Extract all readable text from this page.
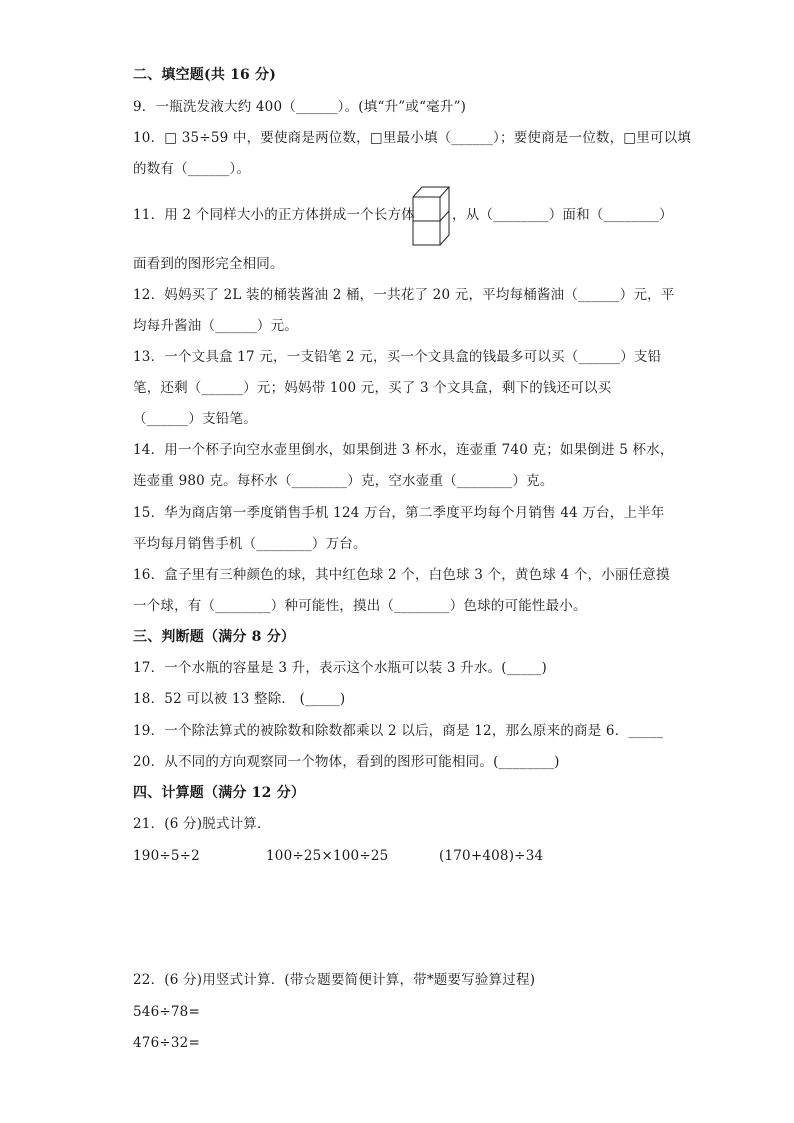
二、填空题(共 16 分)
9．一瓶洗发液大约 400（______）。(填“升”或“毫升”)
10．□ 35÷59 中，要使商是两位数，□里最小填（______）；要使商是一位数，□里可以填
的数有（______）。
11．用 2 个同样大小的正方体拼成一个长方体	，从（________）面和（________）
面看到的图形完全相同。
12．妈妈买了 2L 装的桶装酱油 2 桶，一共花了 20 元，平均每桶酱油（______）元，平
均每升酱油（______）元。
13．一个文具盒 17 元，一支铅笔 2 元，买一个文具盒的钱最多可以买（______）支铅
笔，还剩（______）元；妈妈带 100 元，买了 3 个文具盒，剩下的钱还可以买
（______）支铅笔。
14．用一个杯子向空水壶里倒水，如果倒进 3 杯水，连壶重 740 克；如果倒进 5 杯水，
连壶重 980 克。每杯水（________）克，空水壶重（________）克。
15．华为商店第一季度销售手机 124 万台，第二季度平均每个月销售 44 万台，上半年
平均每月销售手机（________）万台。
16．盒子里有三种颜色的球，其中红色球 2 个，白色球 3 个，黄色球 4 个，小丽任意摸
一个球，有（________）种可能性，摸出（________）色球的可能性最小。
三、判断题（满分 8 分）
17．一个水瓶的容量是 3 升，表示这个水瓶可以装 3 升水。(_____)
18．52 可以被 13 整除． (_____)
19．一个除法算式的被除数和除数都乘以 2 以后，商是 12，那么原来的商是 6．_____
20．从不同的方向观察同一个物体，看到的图形可能相同。(________)
四、计算题（满分 12 分）
21．(6 分)脱式计算．
190÷5÷2	100÷25×100÷25	(170+408)÷34
22．(6 分)用竖式计算．(带☆题要简便计算，带*题要写验算过程)
546÷78=
476÷32=
